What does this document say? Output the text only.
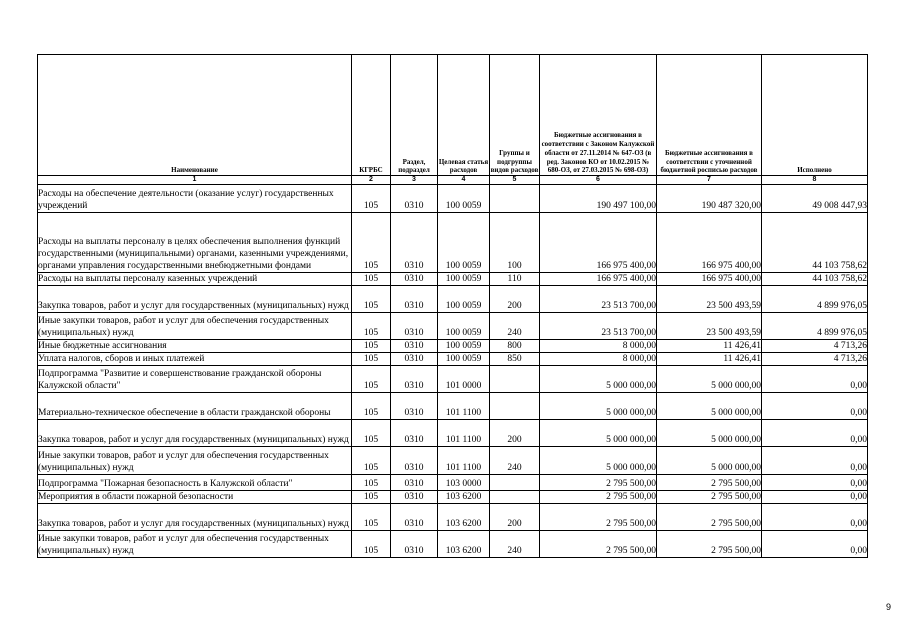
Наименование	КГРБС	Раздел, подраздел	Целевая статья расходов	Группы и подгруппы видов расходов	Бюджетные ассигнования в соответствии с Законом Калужской области от 27.11.2014 № 647-ОЗ (в ред. Законов КО от 10.02.2015 № 680-ОЗ, от 27.03.2015 № 698-ОЗ)	Бюджетные ассигнования в соответствии с уточненной бюджетной росписью расходов	Исполнено
1	2	3	4	5	6	7	8
Расходы на обеспечение деятельности (оказание услуг) государственных учреждений	105	0310	100 0059		190 497 100,00	190 487 320,00	49 008 447,93
Расходы на выплаты персоналу в целях обеспечения выполнения функций государственными (муниципальными) органами, казенными учреждениями, органами управления государственными внебюджетными фондами	105	0310	100 0059	100	166 975 400,00	166 975 400,00	44 103 758,62
Расходы на выплаты персоналу казенных учреждений	105	0310	100 0059	110	166 975 400,00	166 975 400,00	44 103 758,62
Закупка товаров, работ и услуг для государственных (муниципальных) нужд	105	0310	100 0059	200	23 513 700,00	23 500 493,59	4 899 976,05
Иные закупки товаров, работ и услуг для обеспечения государственных (муниципальных) нужд	105	0310	100 0059	240	23 513 700,00	23 500 493,59	4 899 976,05
Иные бюджетные ассигнования	105	0310	100 0059	800	8 000,00	11 426,41	4 713,26
Уплата налогов, сборов и иных платежей	105	0310	100 0059	850	8 000,00	11 426,41	4 713,26
Подпрограмма "Развитие и совершенствование гражданской обороны Калужской области"	105	0310	101 0000		5 000 000,00	5 000 000,00	0,00
Материально-техническое обеспечение в области гражданской обороны	105	0310	101 1100		5 000 000,00	5 000 000,00	0,00
Закупка товаров, работ и услуг для государственных (муниципальных) нужд	105	0310	101 1100	200	5 000 000,00	5 000 000,00	0,00
Иные закупки товаров, работ и услуг для обеспечения государственных (муниципальных) нужд	105	0310	101 1100	240	5 000 000,00	5 000 000,00	0,00
Подпрограмма "Пожарная безопасность в Калужской области"	105	0310	103 0000		2 795 500,00	2 795 500,00	0,00
Мероприятия в области пожарной безопасности	105	0310	103 6200		2 795 500,00	2 795 500,00	0,00
Закупка товаров, работ и услуг для государственных (муниципальных) нужд	105	0310	103 6200	200	2 795 500,00	2 795 500,00	0,00
Иные закупки товаров, работ и услуг для обеспечения государственных (муниципальных) нужд	105	0310	103 6200	240	2 795 500,00	2 795 500,00	0,00
9
